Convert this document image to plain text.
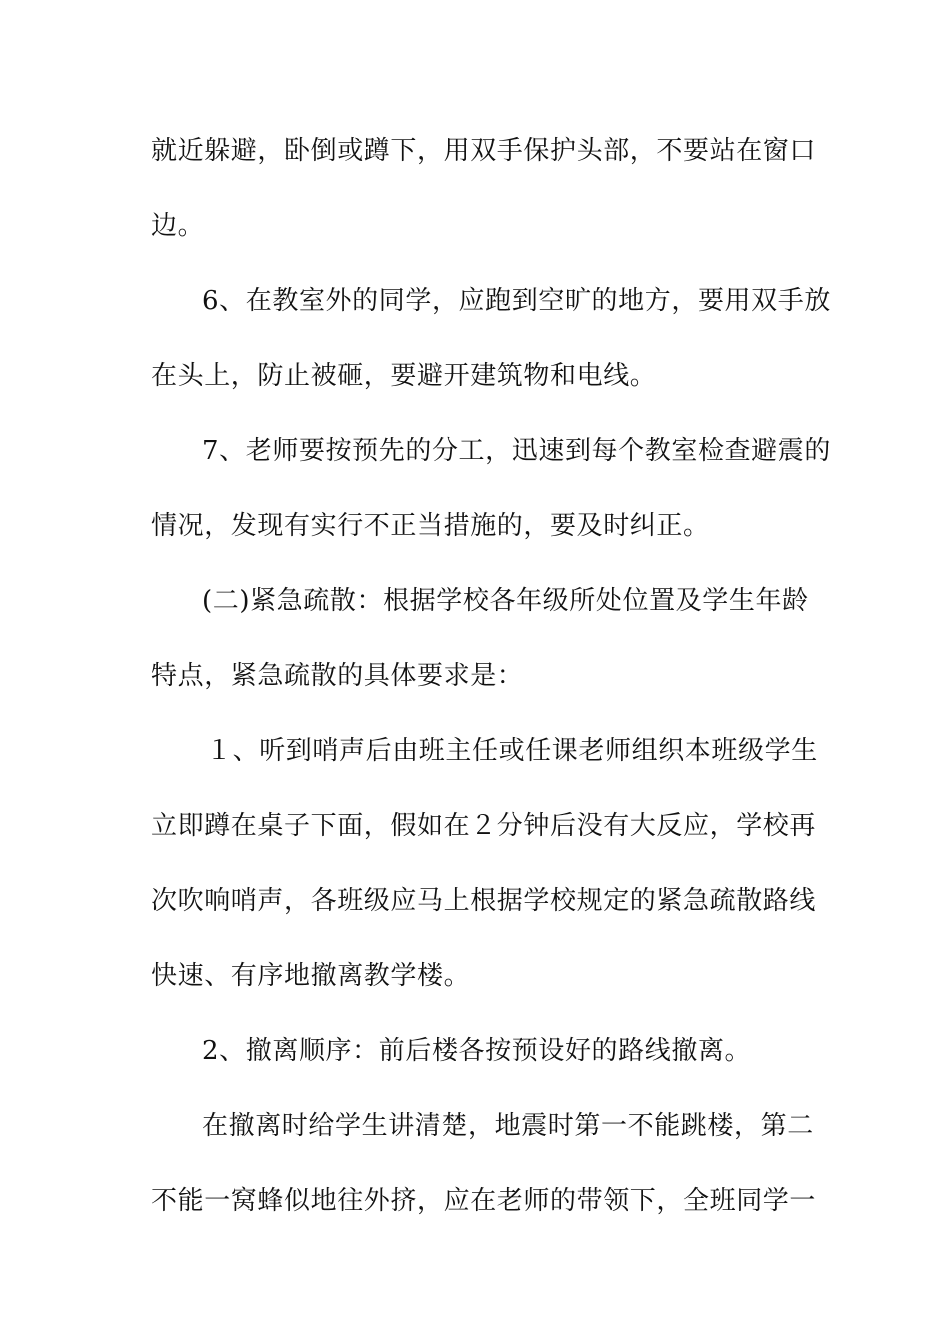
就近躲避，卧倒或蹲下，用双手保护头部，不要站在窗口
边。
6、在教室外的同学，应跑到空旷的地方，要用双手放
在头上，防止被砸，要避开建筑物和电线。
7、老师要按预先的分工，迅速到每个教室检查避震的
情况，发现有实行不正当措施的，要及时纠正。
(二)紧急疏散：根据学校各年级所处位置及学生年龄
特点，紧急疏散的具体要求是：
１、听到哨声后由班主任或任课老师组织本班级学生
立即蹲在桌子下面，假如在２分钟后没有大反应，学校再
次吹响哨声，各班级应马上根据学校规定的紧急疏散路线
快速、有序地撤离教学楼。
2、撤离顺序：前后楼各按预设好的路线撤离。
在撤离时给学生讲清楚，地震时第一不能跳楼，第二
不能一窝蜂似地往外挤，应在老师的带领下，全班同学一
